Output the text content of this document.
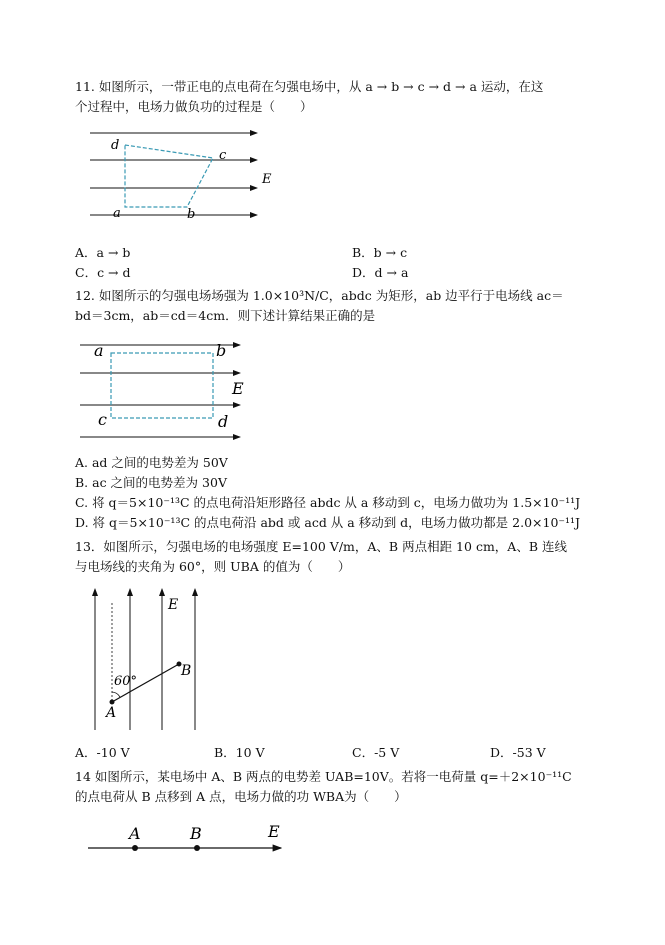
11. 如图所示，一带正电的点电荷在匀强电场中，从 a → b → c → d → a 运动，在这
个过程中，电场力做负功的过程是（　　）
d
c
a	b
E
A．a → b	B．b → c
C．c → d	D．d → a
12. 如图所示的匀强电场场强为 1.0×10³N/C，abdc 为矩形，ab 边平行于电场线 ac＝
bd＝3cm，ab＝cd＝4cm．则下述计算结果正确的是
a	b
c	d
E
A. ad 之间的电势差为 50V
B. ac 之间的电势差为 30V
C. 将 q＝5×10⁻¹³C 的点电荷沿矩形路径 abdc 从 a 移动到 c，电场力做功为 1.5×10⁻¹¹J
D. 将 q＝5×10⁻¹³C 的点电荷沿 abd 或 acd 从 a 移动到 d，电场力做功都是 2.0×10⁻¹¹J
13．如图所示，匀强电场的电场强度 E=100 V/m，A、B 两点相距 10 cm，A、B 连线
与电场线的夹角为 60°，则 UBA 的值为（　　）
E
60°
A
B
A．-10 V	B．10 V	C．-5 V	D．-53 V
14 如图所示，某电场中 A、B 两点的电势差 UAB=10V。若将一电荷量 q=＋2×10⁻¹¹C
的点电荷从 B 点移到 A 点，电场力做的功 WBA为（　　）
A	B	E
